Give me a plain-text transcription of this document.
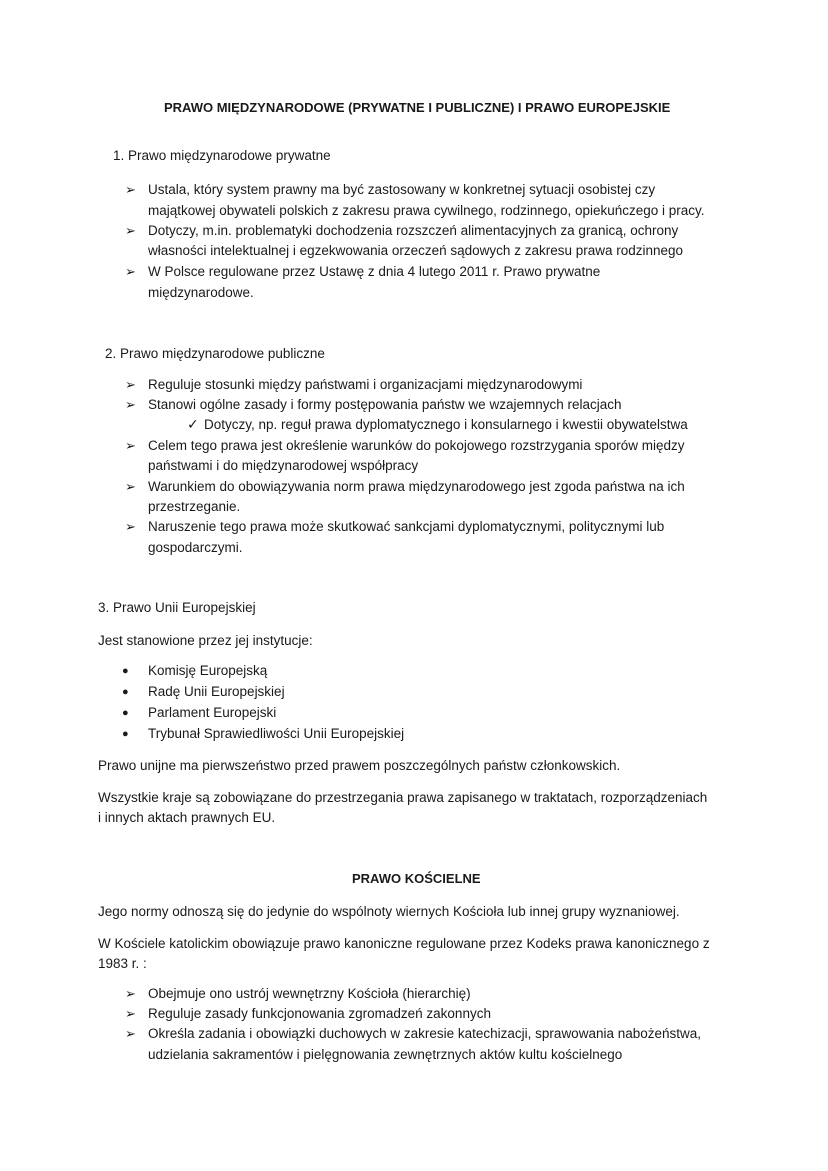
PRAWO MIĘDZYNARODOWE (PRYWATNE I PUBLICZNE) I PRAWO EUROPEJSKIE
1. Prawo międzynarodowe prywatne
➢ Ustala, który system prawny ma być zastosowany w konkretnej sytuacji osobistej czy
majątkowej obywateli polskich z zakresu prawa cywilnego, rodzinnego, opiekuńczego i pracy.
➢ Dotyczy, m.in. problematyki dochodzenia rozszczeń alimentacyjnych za granicą, ochrony
własności intelektualnej i egzekwowania orzeczeń sądowych z zakresu prawa rodzinnego
➢ W Polsce regulowane przez Ustawę z dnia 4 lutego 2011 r. Prawo prywatne
międzynarodowe.
2. Prawo międzynarodowe publiczne
➢ Reguluje stosunki między państwami i organizacjami międzynarodowymi
➢ Stanowi ogólne zasady i formy postępowania państw we wzajemnych relacjach
✓ Dotyczy, np. reguł prawa dyplomatycznego i konsularnego i kwestii obywatelstwa
➢ Celem tego prawa jest określenie warunków do pokojowego rozstrzygania sporów między
państwami i do międzynarodowej współpracy
➢ Warunkiem do obowiązywania norm prawa międzynarodowego jest zgoda państwa na ich
przestrzeganie.
➢ Naruszenie tego prawa może skutkować sankcjami dyplomatycznymi, politycznymi lub
gospodarczymi.
3. Prawo Unii Europejskiej
Jest stanowione przez jej instytucje:
● Komisję Europejską
● Radę Unii Europejskiej
● Parlament Europejski
● Trybunał Sprawiedliwości Unii Europejskiej
Prawo unijne ma pierwszeństwo przed prawem poszczególnych państw członkowskich.
Wszystkie kraje są zobowiązane do przestrzegania prawa zapisanego w traktatach, rozporządzeniach
i innych aktach prawnych EU.
PRAWO KOŚCIELNE
Jego normy odnoszą się do jedynie do wspólnoty wiernych Kościoła lub innej grupy wyznaniowej.
W Kościele katolickim obowiązuje prawo kanoniczne regulowane przez Kodeks prawa kanonicznego z
1983 r. :
➢ Obejmuje ono ustrój wewnętrzny Kościoła (hierarchię)
➢ Reguluje zasady funkcjonowania zgromadzeń zakonnych
➢ Określa zadania i obowiązki duchowych w zakresie katechizacji, sprawowania nabożeństwa,
udzielania sakramentów i pielęgnowania zewnętrznych aktów kultu kościelnego
